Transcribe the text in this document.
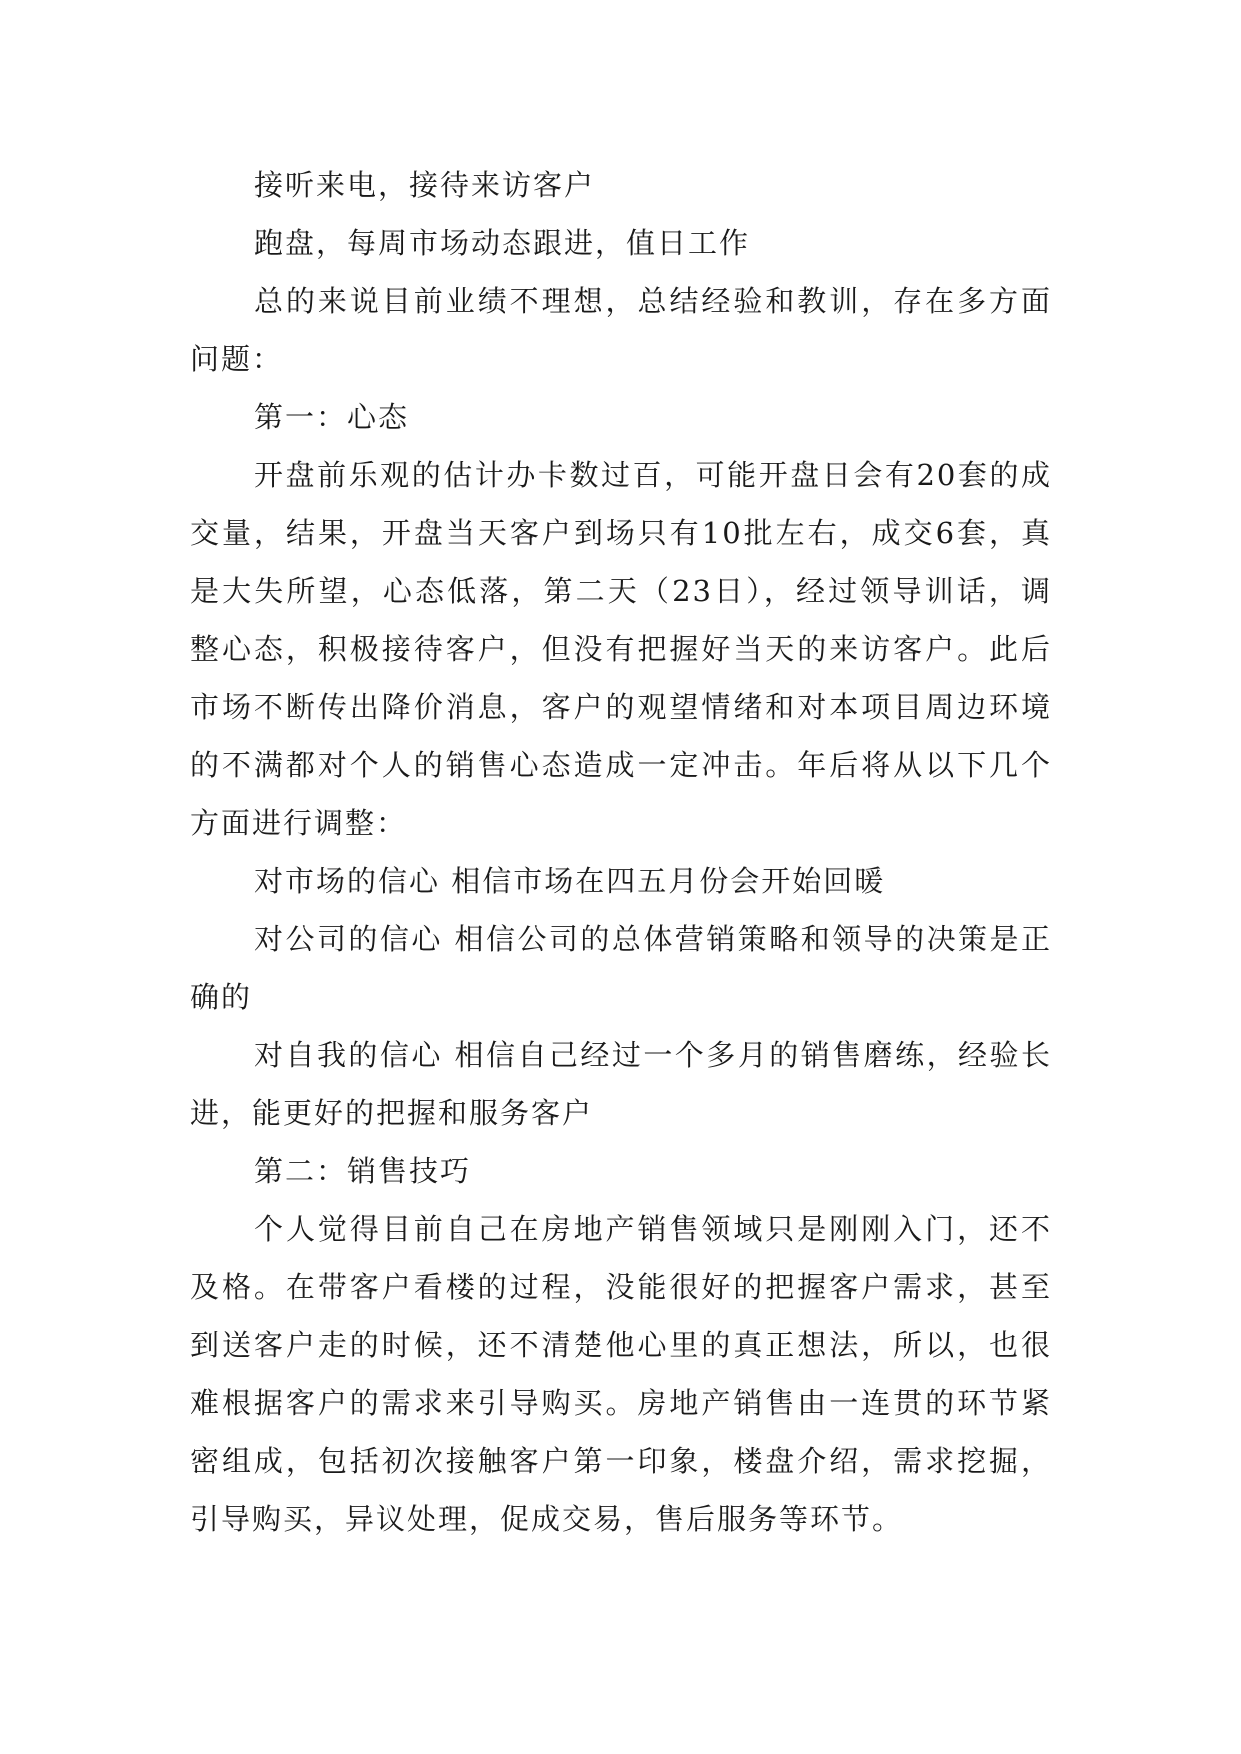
接听来电，接待来访客户

跑盘，每周市场动态跟进，值日工作

总的来说目前业绩不理想，总结经验和教训，存在多方面问题：

第一：心态

开盘前乐观的估计办卡数过百，可能开盘日会有20套的成交量，结果，开盘当天客户到场只有10批左右，成交6套，真是大失所望，心态低落，第二天（23日），经过领导训话，调整心态，积极接待客户，但没有把握好当天的来访客户。此后市场不断传出降价消息，客户的观望情绪和对本项目周边环境的不满都对个人的销售心态造成一定冲击。年后将从以下几个方面进行调整：

对市场的信心 相信市场在四五月份会开始回暖

对公司的信心 相信公司的总体营销策略和领导的决策是正确的

对自我的信心 相信自己经过一个多月的销售磨练，经验长进，能更好的把握和服务客户

第二：销售技巧

个人觉得目前自己在房地产销售领域只是刚刚入门，还不及格。在带客户看楼的过程，没能很好的把握客户需求，甚至到送客户走的时候，还不清楚他心里的真正想法，所以，也很难根据客户的需求来引导购买。房地产销售由一连贯的环节紧密组成，包括初次接触客户第一印象，楼盘介绍，需求挖掘，引导购买，异议处理，促成交易，售后服务等环节。
